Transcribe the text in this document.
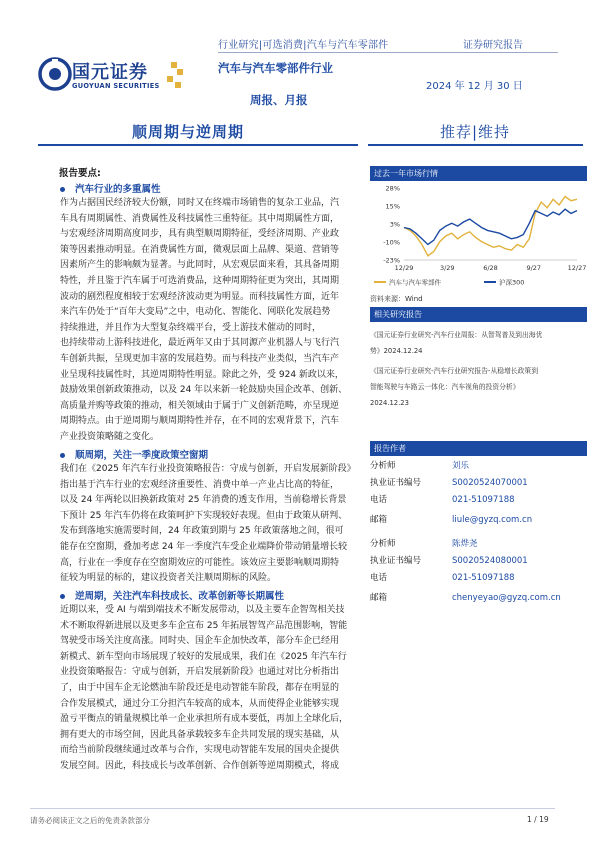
行业研究|可选消费|汽车与汽车零部件	证券研究报告
国元证券
GUOYUAN SECURITIES
汽车与汽车零部件行业
2024 年 12 月 30 日
周报、月报
顺周期与逆周期	推荐|维持
报告要点:
汽车行业的多重属性
作为占据国民经济较大份额，同时又在终端市场销售的复杂工业品，汽
车具有周期属性、消费属性及科技属性三重特征。其中周期属性方面，
与宏观经济周期高度同步，具有典型顺周期特征，受经济周期、产业政
策等因素推动明显。在消费属性方面，微观层面上品牌、渠道、营销等
因素所产生的影响颇为显著。与此同时，从宏观层面来看，其具备周期
特性，并且鉴于汽车属于可选消费品，这种周期特征更为突出，其周期
波动的剧烈程度相较于宏观经济波动更为明显。而科技属性方面，近年
来汽车仍处于“百年大变局”之中，电动化、智能化、网联化发展趋势
持续推进，并且作为大型复杂终端平台，受上游技术催动的同时，
也持续带动上游科技进化，最近两年又由于其同源产业机器人与飞行汽
车创新共振，呈现更加丰富的发展趋势。而与科技产业类似，当汽车产
业呈现科技属性时，其逆周期特性明显。除此之外，受 924 新政以来，
鼓励效果创新政策推动，以及 24 年以来新一轮鼓励央国企改革、创新、
高质量并购等政策的推动，相关领域由于属于广义创新范畴，亦呈现逆
周期特点。由于逆周期与顺周期特性并存，在不同的宏观背景下，汽车
产业投资策略随之变化。
顺周期，关注一季度政策空窗期
我们在《2025 年汽车行业投资策略报告：守成与创新，开启发展新阶段》
指出基于汽车行业的宏观经济重要性、消费中单一产业占比高的特征，
以及 24 年两轮以旧换新政策对 25 年消费的透支作用，当前稳增长背景
下预计 25 年汽车仍将在政策呵护下实现较好表现。但由于政策从研判、
发布到落地实施需要时间，24 年政策到期与 25 年政策落地之间，很可
能存在空窗期，叠加考虑 24 年一季度汽车受企业端降价带动销量增长较
高，行业在一季度存在空窗期效应的可能性。该效应主要影响顺周期特
征较为明显的标的，建议投资者关注顺周期标的风险。
逆周期，关注汽车科技成长、改革创新等长期属性
近期以来，受 AI 与端到端技术不断发展带动，以及主要车企智驾相关技
术不断取得新进展以及更多车企宣布 25 年拓展智驾产品范围影响，智能
驾驶受市场关注度高涨。同时央、国企车企加快改革，部分车企已经用
新模式、新车型向市场展现了较好的发展成果，我们在《2025 年汽车行
业投资策略报告：守成与创新，开启发展新阶段》也通过对比分析指出
了，由于中国车企无论燃油车阶段还是电动智能车阶段，都存在明显的
合作发展模式，通过分工分担汽车较高的成本，从而使得企业能够实现
盈亏平衡点的销量规模比单一企业承担所有成本要低，再加上全球化后，
拥有更大的市场空间，因此具备承载较多车企共同发展的现实基础，从
而给当前阶段继续通过改革与合作，实现电动智能车发展的国央企提供
发展空间。因此，科技成长与改革创新、合作创新等逆周期模式，将成
过去一年市场行情
28%
15%
3%
-10%
-23%
12/29	3/29	6/28	9/27	12/27
汽车与汽车零部件	沪深300
资料来源：Wind
相关研究报告
《国元证券行业研究-汽车行业周报：从智驾普及到出海优
势》2024.12.24
《国元证券行业研究-汽车行业研究报告-从稳增长政策到
智能驾驶与车路云一体化：汽车视角的投资分析》
2024.12.23
报告作者
分析师	刘乐
执业证书编号	S0020524070001
电话	021-51097188
邮箱	liule@gyzq.com.cn
分析师	陈烨尧
执业证书编号	S0020524080001
电话	021-51097188
邮箱	chenyeyao@gyzq.com.cn
请务必阅读正文之后的免责条款部分	1 / 19
